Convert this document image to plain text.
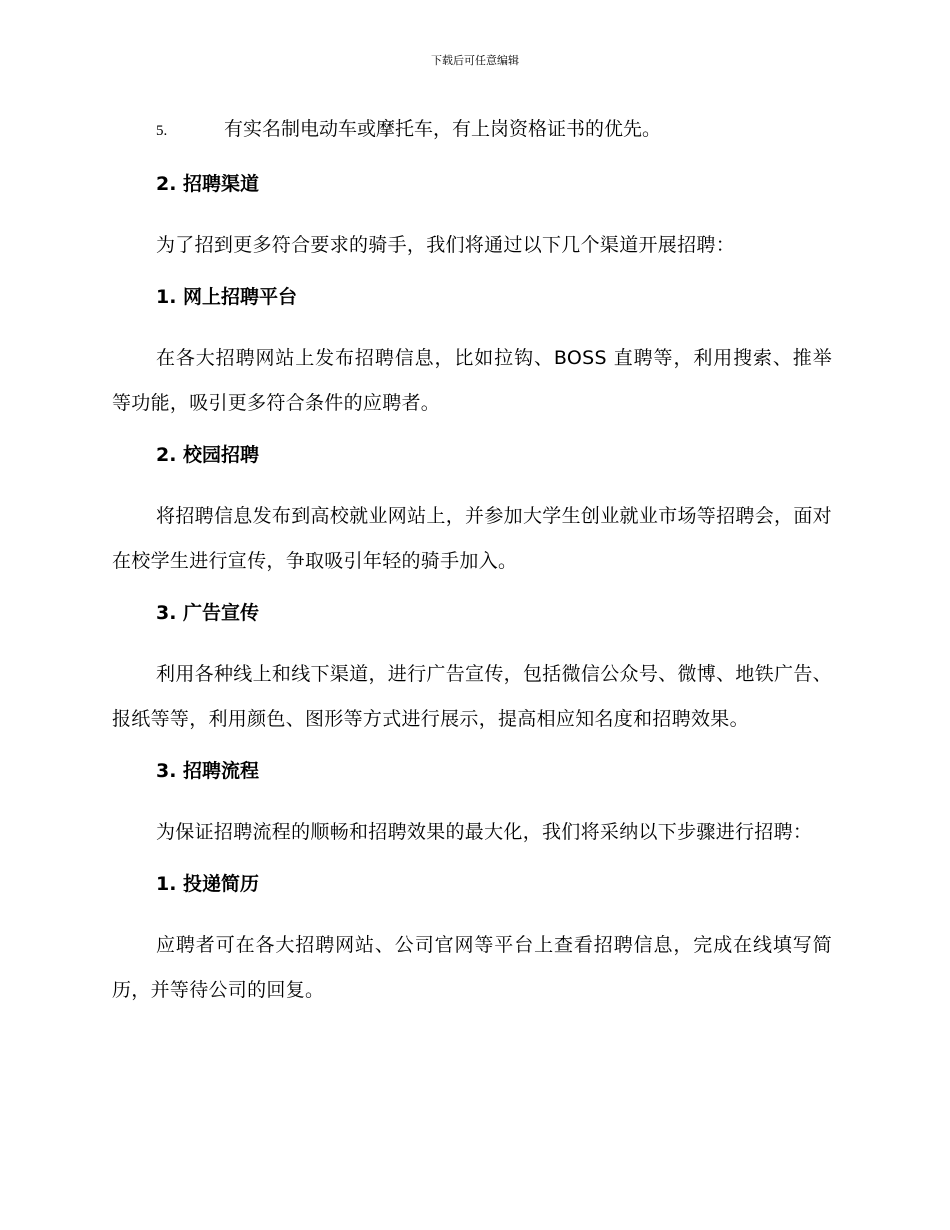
下载后可任意编辑
5.	有实名制电动车或摩托车，有上岗资格证书的优先。
2. 招聘渠道

为了招到更多符合要求的骑手，我们将通过以下几个渠道开展招聘：

1. 网上招聘平台

在各大招聘网站上发布招聘信息，比如拉钩、BOSS 直聘等，利用搜索、推举等功能，吸引更多符合条件的应聘者。

2. 校园招聘

将招聘信息发布到高校就业网站上，并参加大学生创业就业市场等招聘会，面对在校学生进行宣传，争取吸引年轻的骑手加入。

3. 广告宣传

利用各种线上和线下渠道，进行广告宣传，包括微信公众号、微博、地铁广告、报纸等等，利用颜色、图形等方式进行展示，提高相应知名度和招聘效果。

3. 招聘流程

为保证招聘流程的顺畅和招聘效果的最大化，我们将采纳以下步骤进行招聘：

1. 投递简历

应聘者可在各大招聘网站、公司官网等平台上查看招聘信息，完成在线填写简历，并等待公司的回复。
